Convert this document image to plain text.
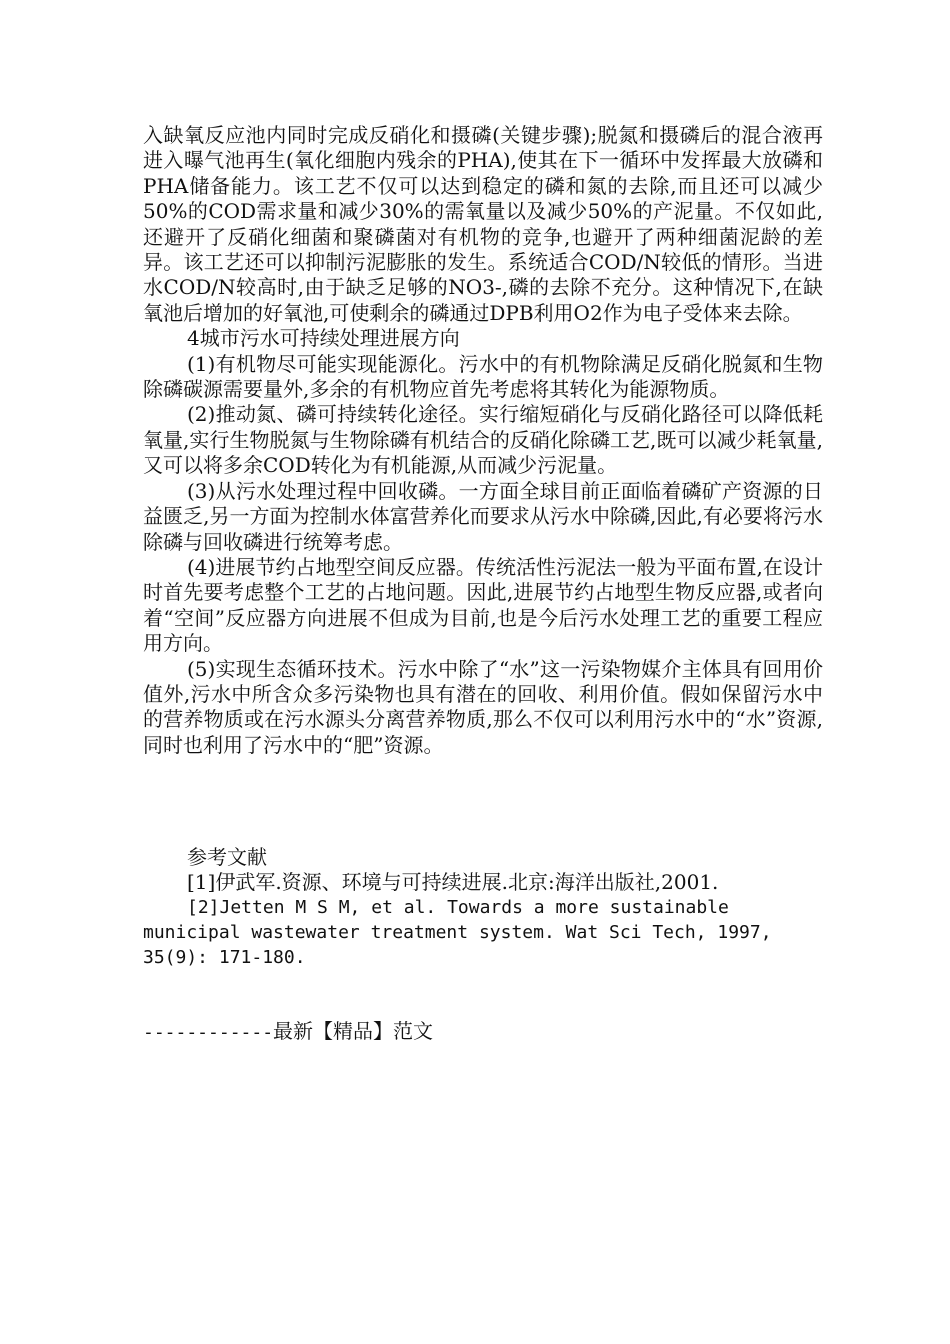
入缺氧反应池内同时完成反硝化和摄磷(关键步骤);脱氮和摄磷后的混合液再进入曝气池再生(氧化细胞内残余的PHA),使其在下一循环中发挥最大放磷和PHA储备能力。该工艺不仅可以达到稳定的磷和氮的去除,而且还可以减少50%的COD需求量和减少30%的需氧量以及减少50%的产泥量。不仅如此,还避开了反硝化细菌和聚磷菌对有机物的竞争,也避开了两种细菌泥龄的差异。该工艺还可以抑制污泥膨胀的发生。系统适合COD/N较低的情形。当进水COD/N较高时,由于缺乏足够的NO3-,磷的去除不充分。这种情况下,在缺氧池后增加的好氧池,可使剩余的磷通过DPB利用O2作为电子受体来去除。

4城市污水可持续处理进展方向

(1)有机物尽可能实现能源化。污水中的有机物除满足反硝化脱氮和生物除磷碳源需要量外,多余的有机物应首先考虑将其转化为能源物质。

(2)推动氮、磷可持续转化途径。实行缩短硝化与反硝化路径可以降低耗氧量,实行生物脱氮与生物除磷有机结合的反硝化除磷工艺,既可以减少耗氧量,又可以将多余COD转化为有机能源,从而减少污泥量。

(3)从污水处理过程中回收磷。一方面全球目前正面临着磷矿产资源的日益匮乏,另一方面为控制水体富营养化而要求从污水中除磷,因此,有必要将污水除磷与回收磷进行统筹考虑。

(4)进展节约占地型空间反应器。传统活性污泥法一般为平面布置,在设计时首先要考虑整个工艺的占地问题。因此,进展节约占地型生物反应器,或者向着“空间”反应器方向进展不但成为目前,也是今后污水处理工艺的重要工程应用方向。

(5)实现生态循环技术。污水中除了“水”这一污染物媒介主体具有回用价值外,污水中所含众多污染物也具有潜在的回收、利用价值。假如保留污水中的营养物质或在污水源头分离营养物质,那么不仅可以利用污水中的“水”资源,同时也利用了污水中的“肥”资源。

参考文献

[1]伊武军.资源、环境与可持续进展.北京:海洋出版社,2001.

[2]Jetten M S M, et al. Towards a more sustainable municipal wastewater treatment system. Wat Sci Tech, 1997, 35(9): 171-180.

------------最新【精品】范文
